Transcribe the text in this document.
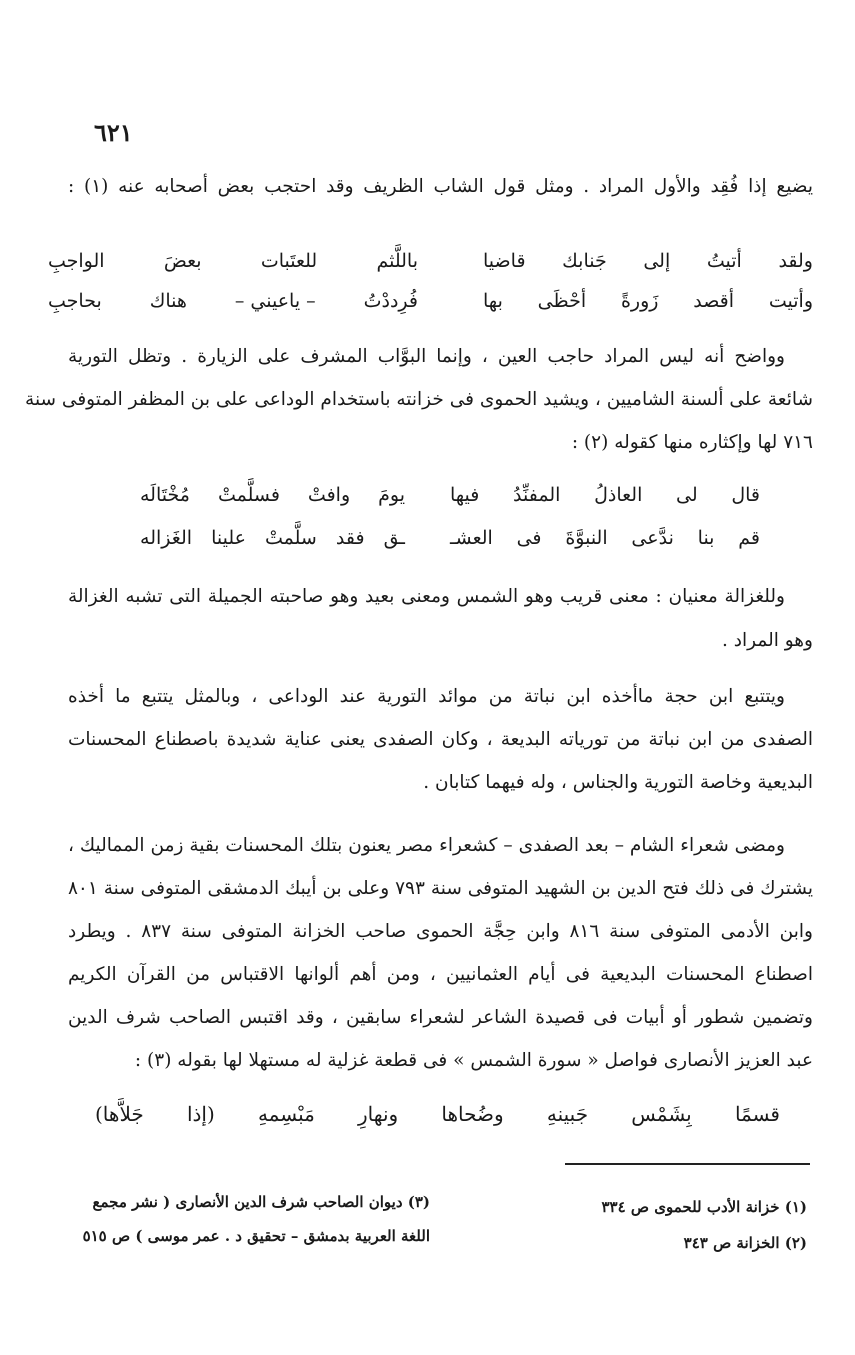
٦٢١
يضيع إذا فُقِد والأول المراد . ومثل قول الشاب الظريف وقد احتجب بعض أصحابه عنه (١) :
ولقد
أتيتُ
إلى
جَنابك
قاضيا
باللَّثم
للعتَبات
بعضَ
الواجبِ
وأتيت
أقصد
زَورةً
أحْظَى
بها
فُرِددْتُ
– ياعيني –
هناك
بحاجبِ
وواضح أنه ليس المراد حاجب العين ، وإنما البوَّاب المشرف على الزيارة . وتظل التورية
شائعة على ألسنة الشاميين ، ويشيد الحموى فى خزانته باستخدام الوداعى على بن المظفر المتوفى سنة
٧١٦ لها وإكثاره منها كقوله (٢) :
قال
لى
العاذلُ
المفنِّدُ
فيها
يومَ
وافتْ
فسلَّمتْ
مُخْتَالَه
قم
بنا
ندَّعى
النبوَّةَ
فى
العشـ
ـق
فقد
سلَّمتْ
علينا
الغَزاله
وللغزالة معنيان : معنى قريب وهو الشمس ومعنى بعيد وهو صاحبته الجميلة التى تشبه الغزالة
وهو المراد .
ويتتبع ابن حجة ماأخذه ابن نباتة من موائد التورية عند الوداعى ، وبالمثل يتتبع ما أخذه
الصفدى من ابن نباتة من تورياته البديعة ، وكان الصفدى يعنى عناية شديدة باصطناع المحسنات
البديعية وخاصة التورية والجناس ، وله فيهما كتابان .
ومضى شعراء الشام – بعد الصفدى – كشعراء مصر يعنون بتلك المحسنات بقية زمن المماليك ،
يشترك فى ذلك فتح الدين بن الشهيد المتوفى سنة ٧٩٣ وعلى بن أيبك الدمشقى المتوفى سنة ٨٠١
وابن الأدمى المتوفى سنة ٨١٦ وابن حِجَّة الحموى صاحب الخزانة المتوفى سنة ٨٣٧ . ويطرد
اصطناع المحسنات البديعية فى أيام العثمانيين ، ومن أهم ألوانها الاقتباس من القرآن الكريم
وتضمين شطور أو أبيات فى قصيدة الشاعر لشعراء سابقين ، وقد اقتبس الصاحب شرف الدين
عبد العزيز الأنصارى فواصل « سورة الشمس » فى قطعة غزلية له مستهلا لها بقوله (٣) :
قسمًا
بِشَمْس
جَبينهِ
وضُحاها
ونهارِ
مَبْسِمهِ
(إذا
جَلاَّها)
(١) خزانة الأدب للحموى ص ٣٣٤
(٢) الخزانة ص ٣٤٣
(٣) ديوان الصاحب شرف الدين الأنصارى ( نشر مجمع
اللغة العربية بدمشق – تحقيق د . عمر موسى ) ص ٥١٥
